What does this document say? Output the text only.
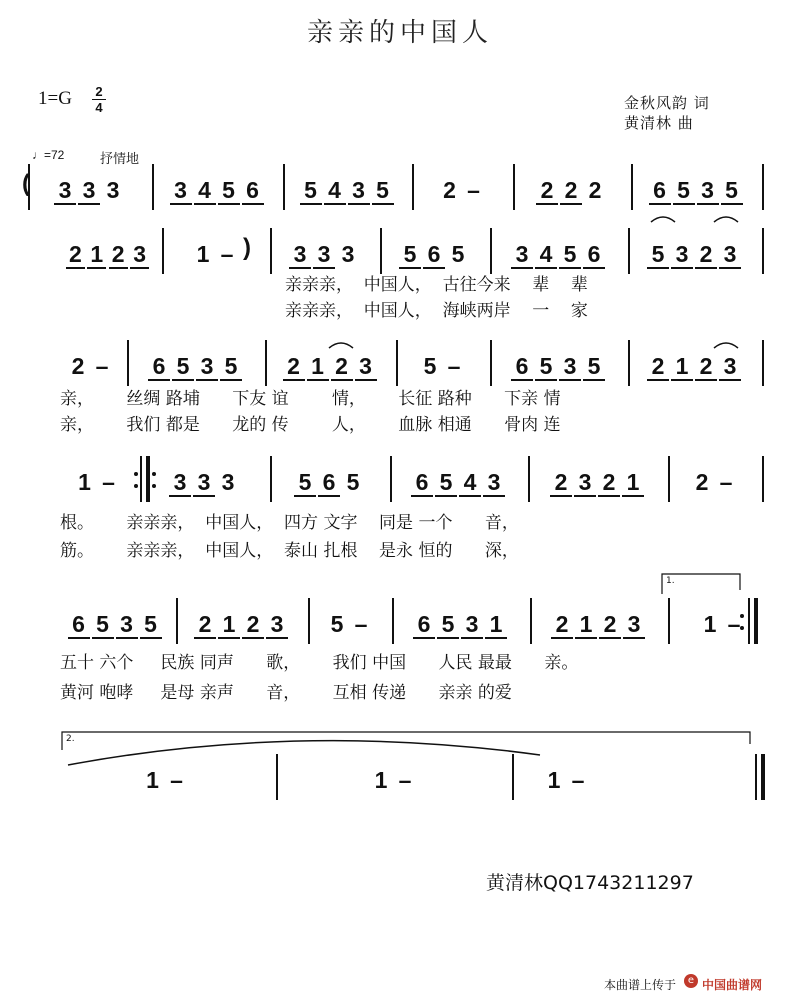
亲亲的中国人
1=G 2
4	金秋风韵 词
黄清林 曲
♩=72	抒情地
3 3 3 3 4 5 6 5 4 3 5 2 –	2 2 2 6 5 3 5
(
2 1 2 3 1 –	3 3 3 5 6 5 3 4 5 6 5 3 2 3
)
亲亲亲，  中国人，  古往今来    辈    辈
亲亲亲，  中国人，  海峡两岸    一    家
2 – 6 5 3 5 2 1 2 3 5 – 6 5 3 5 2 1 2 3
亲，      丝绸 路埔      下友 谊        情，      长征 路种      下亲 情
亲，      我们 都是      龙的 传        人，      血脉 相通      骨肉 连
1 –	3 3 3	5 6 5 6 5 4 3 2 3 2 1 2 –
根。      亲亲亲，  中国人，  四方 文字    同是 一个      音，
筋。      亲亲亲，  中国人，  泰山 扎根    是永 恒的      深，
6 5 3 5 2 1 2 3 5 – 6 5 3 1 2 1 2 3	1 –
五十 六个     民族 同声      歌，      我们 中国      人民 最最      亲。
黄河 咆哮     是母 亲声      音，      互相 传递      亲亲 的爱
1 –	1 –	1 –
1.
2.
黄清林QQ1743211297
本曲谱上传于	e 中国曲谱网
